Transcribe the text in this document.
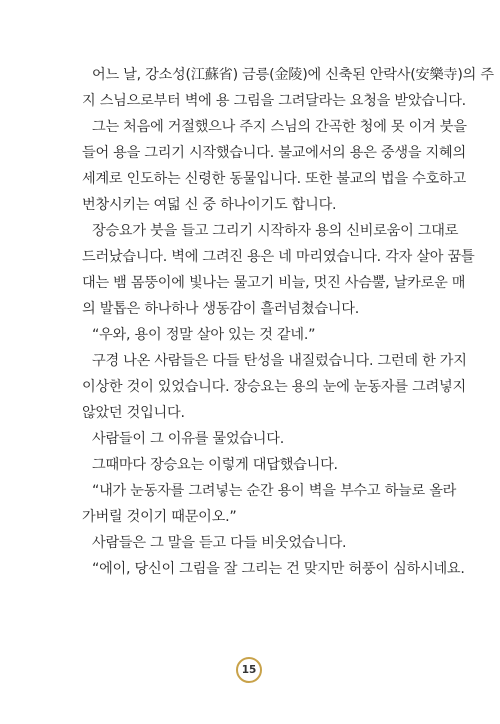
어느 날, 강소성(江蘇省) 금릉(金陵)에 신축된 안락사(安樂寺)의 주
지 스님으로부터 벽에 용 그림을 그려달라는 요청을 받았습니다.
그는 처음에 거절했으나 주지 스님의 간곡한 청에 못 이겨 붓을
들어 용을 그리기 시작했습니다. 불교에서의 용은 중생을 지혜의
세계로 인도하는 신령한 동물입니다. 또한 불교의 법을 수호하고
번창시키는 여덟 신 중 하나이기도 합니다.
장승요가 붓을 들고 그리기 시작하자 용의 신비로움이 그대로
드러났습니다. 벽에 그려진 용은 네 마리였습니다. 각자 살아 꿈틀
대는 뱀 몸뚱이에 빛나는 물고기 비늘, 멋진 사슴뿔, 날카로운 매
의 발톱은 하나하나 생동감이 흘러넘쳤습니다.
“우와, 용이 정말 살아 있는 것 같네.”
구경 나온 사람들은 다들 탄성을 내질렀습니다. 그런데 한 가지
이상한 것이 있었습니다. 장승요는 용의 눈에 눈동자를 그려넣지
않았던 것입니다.
사람들이 그 이유를 물었습니다.
그때마다 장승요는 이렇게 대답했습니다.
“내가 눈동자를 그려넣는 순간 용이 벽을 부수고 하늘로 올라
가버릴 것이기 때문이오.”
사람들은 그 말을 듣고 다들 비웃었습니다.
“에이, 당신이 그림을 잘 그리는 건 맞지만 허풍이 심하시네요.
15
